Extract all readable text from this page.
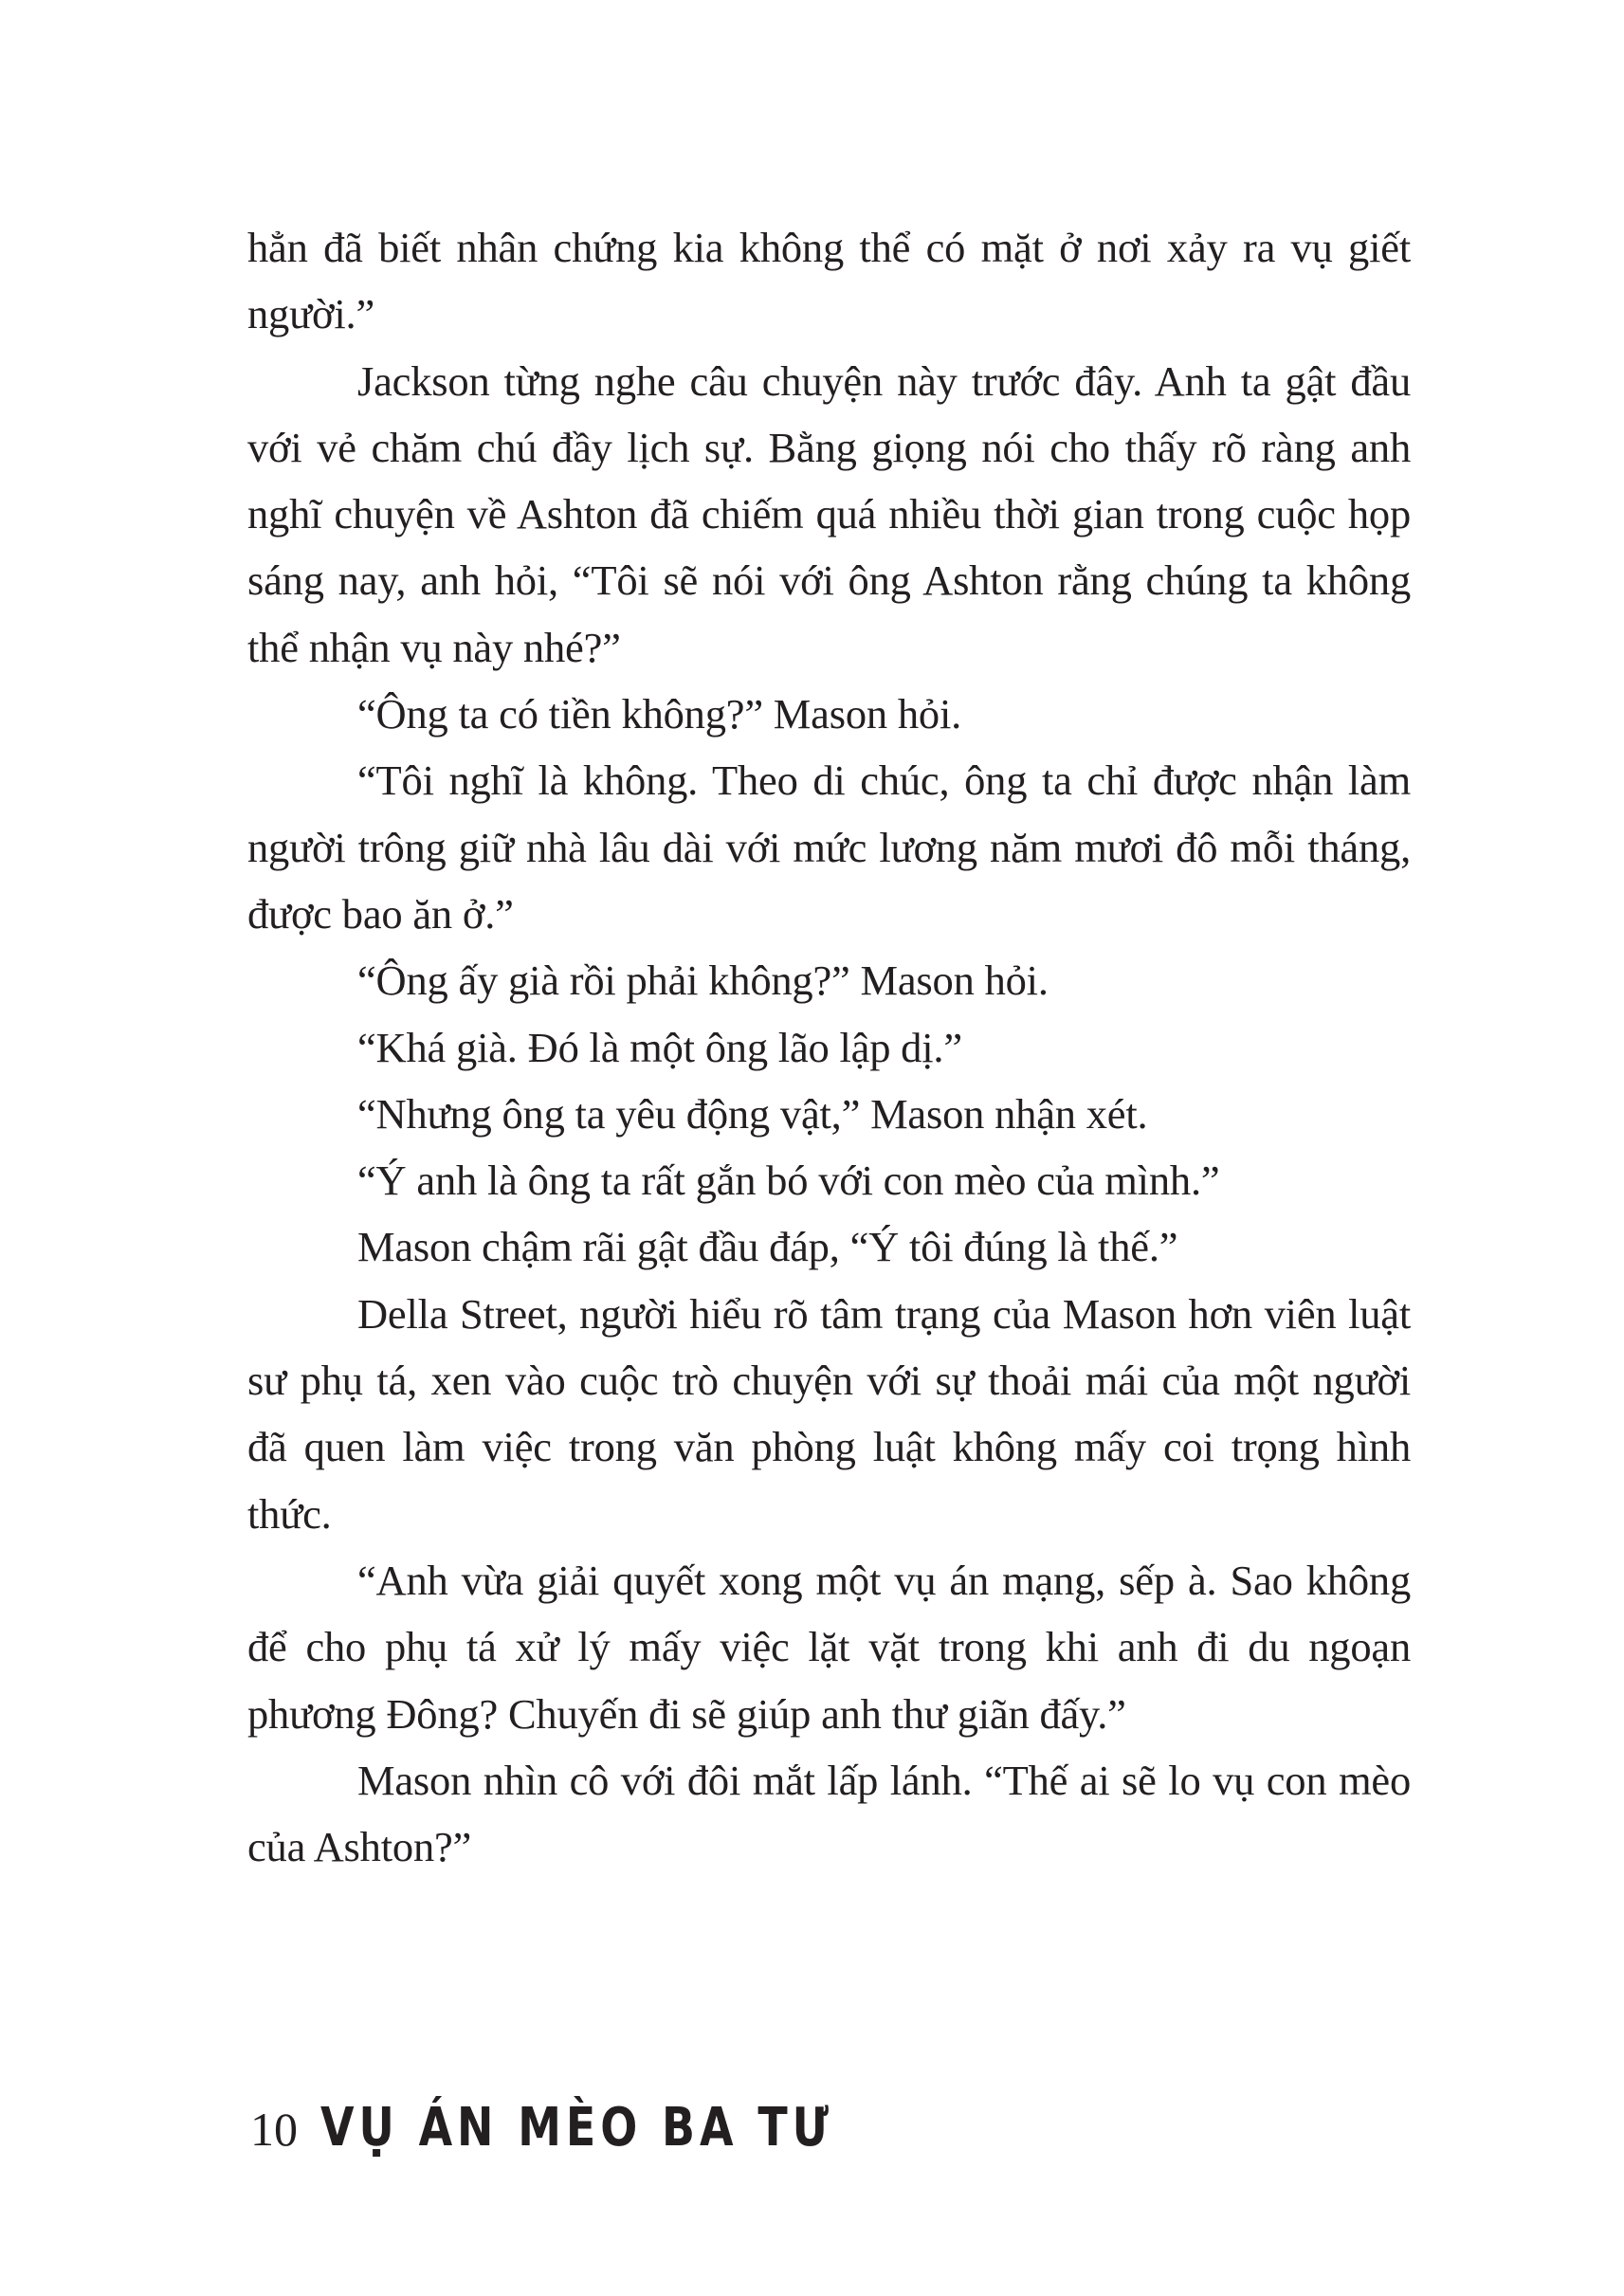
hẳn đã biết nhân chứng kia không thể có mặt ở nơi xảy ra vụ giết người.”

Jackson từng nghe câu chuyện này trước đây. Anh ta gật đầu với vẻ chăm chú đầy lịch sự. Bằng giọng nói cho thấy rõ ràng anh nghĩ chuyện về Ashton đã chiếm quá nhiều thời gian trong cuộc họp sáng nay, anh hỏi, “Tôi sẽ nói với ông Ashton rằng chúng ta không thể nhận vụ này nhé?”

“Ông ta có tiền không?” Mason hỏi.

“Tôi nghĩ là không. Theo di chúc, ông ta chỉ được nhận làm người trông giữ nhà lâu dài với mức lương năm mươi đô mỗi tháng, được bao ăn ở.”

“Ông ấy già rồi phải không?” Mason hỏi.

“Khá già. Đó là một ông lão lập dị.”

“Nhưng ông ta yêu động vật,” Mason nhận xét.

“Ý anh là ông ta rất gắn bó với con mèo của mình.”

Mason chậm rãi gật đầu đáp, “Ý tôi đúng là thế.”

Della Street, người hiểu rõ tâm trạng của Mason hơn viên luật sư phụ tá, xen vào cuộc trò chuyện với sự thoải mái của một người đã quen làm việc trong văn phòng luật không mấy coi trọng hình thức.

“Anh vừa giải quyết xong một vụ án mạng, sếp à. Sao không để cho phụ tá xử lý mấy việc lặt vặt trong khi anh đi du ngoạn phương Đông? Chuyến đi sẽ giúp anh thư giãn đấy.”

Mason nhìn cô với đôi mắt lấp lánh. “Thế ai sẽ lo vụ con mèo của Ashton?”

10 VỤ ÁN MÈO BA TƯ
